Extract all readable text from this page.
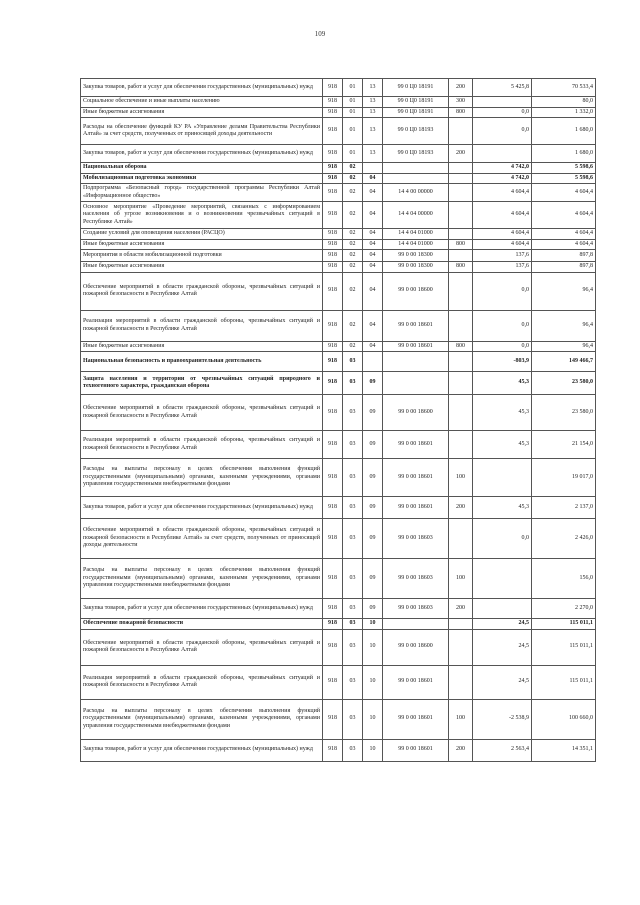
109
Закупка товаров, работ и услуг для обеспечения государственных (муниципальных) нужд	918	01	13	99 0 Ц0 18191	200	5 425,8	70 533,4
Социальное обеспечение и иные выплаты населению	918	01	13	99 0 Ц0 18191	300		80,0
Иные бюджетные ассигнования	918	01	13	99 0 Ц0 18191	800	0,0	1 332,0
Расходы на обеспечение функций КУ РА «Управление делами Правительства Республики Алтай» за счет средств, полученных от приносящей доходы деятельности	918	01	13	99 0 Ц0 18193		0,0	1 680,0
Закупка товаров, работ и услуг для обеспечения государственных (муниципальных) нужд	918	01	13	99 0 Ц0 18193	200		1 680,0
Национальная оборона	918	02				4 742,0	5 598,6
Мобилизационная подготовка экономики	918	02	04			4 742,0	5 598,6
Подпрограмма «Безопасный город» государственной программы Республики Алтай «Информационное общество»	918	02	04	14 4 00 00000		4 604,4	4 604,4
Основное мероприятие «Проведение мероприятий, связанных с информированием населения об угрозе возникновения и о возникновении чрезвычайных ситуаций в Республике Алтай»	918	02	04	14 4 04 00000		4 604,4	4 604,4
Создание условий для оповещения населения (РАСЦО)	918	02	04	14 4 04 01000		4 604,4	4 604,4
Иные бюджетные ассигнования	918	02	04	14 4 04 01000	800	4 604,4	4 604,4
Мероприятия в области мобилизационной подготовки	918	02	04	99 0 00 18300		137,6	897,8
Иные бюджетные ассигнования	918	02	04	99 0 00 18300	800	137,6	897,8
Обеспечение мероприятий в области гражданской обороны, чрезвычайных ситуаций и пожарной безопасности в Республике Алтай	918	02	04	99 0 00 18600		0,0	96,4
Реализация мероприятий в области гражданской обороны, чрезвычайных ситуаций и пожарной безопасности в Республике Алтай	918	02	04	99 0 00 18601		0,0	96,4
Иные бюджетные ассигнования	918	02	04	99 0 00 18601	800	0,0	96,4
Национальная безопасность и правоохранительная деятельность	918	03				-803,9	149 466,7
Защита населения и территории от чрезвычайных ситуаций природного и техногенного характера, гражданская оборона	918	03	09			45,3	23 580,0
Обеспечение мероприятий в области гражданской обороны, чрезвычайных ситуаций и пожарной безопасности в Республике Алтай	918	03	09	99 0 00 18600		45,3	23 580,0
Реализация мероприятий в области гражданской обороны, чрезвычайных ситуаций и пожарной безопасности в Республике Алтай	918	03	09	99 0 00 18601		45,3	21 154,0
Расходы на выплаты персоналу в целях обеспечения выполнения функций государственными (муниципальными) органами, казенными учреждениями, органами управления государственными внебюджетными фондами	918	03	09	99 0 00 18601	100		19 017,0
Закупка товаров, работ и услуг для обеспечения государственных (муниципальных) нужд	918	03	09	99 0 00 18601	200	45,3	2 137,0
Обеспечение мероприятий в области гражданской обороны, чрезвычайных ситуаций и пожарной безопасности в Республике Алтай» за счет средств, полученных от приносящей доходы деятельности	918	03	09	99 0 00 18603		0,0	2 426,0
Расходы на выплаты персоналу в целях обеспечения выполнения функций государственными (муниципальными) органами, казенными учреждениями, органами управления государственными внебюджетными фондами	918	03	09	99 0 00 18603	100		156,0
Закупка товаров, работ и услуг для обеспечения государственных (муниципальных) нужд	918	03	09	99 0 00 18603	200		2 270,0
Обеспечение пожарной безопасности	918	03	10			24,5	115 011,1
Обеспечение мероприятий в области гражданской обороны, чрезвычайных ситуаций и пожарной безопасности в Республике Алтай	918	03	10	99 0 00 18600		24,5	115 011,1
Реализация мероприятий в области гражданской обороны, чрезвычайных ситуаций и пожарной безопасности в Республике Алтай	918	03	10	99 0 00 18601		24,5	115 011,1
Расходы на выплаты персоналу в целях обеспечения выполнения функций государственными (муниципальными) органами, казенными учреждениями, органами управления государственными внебюджетными фондами	918	03	10	99 0 00 18601	100	-2 538,9	100 660,0
Закупка товаров, работ и услуг для обеспечения государственных (муниципальных) нужд	918	03	10	99 0 00 18601	200	2 563,4	14 351,1
